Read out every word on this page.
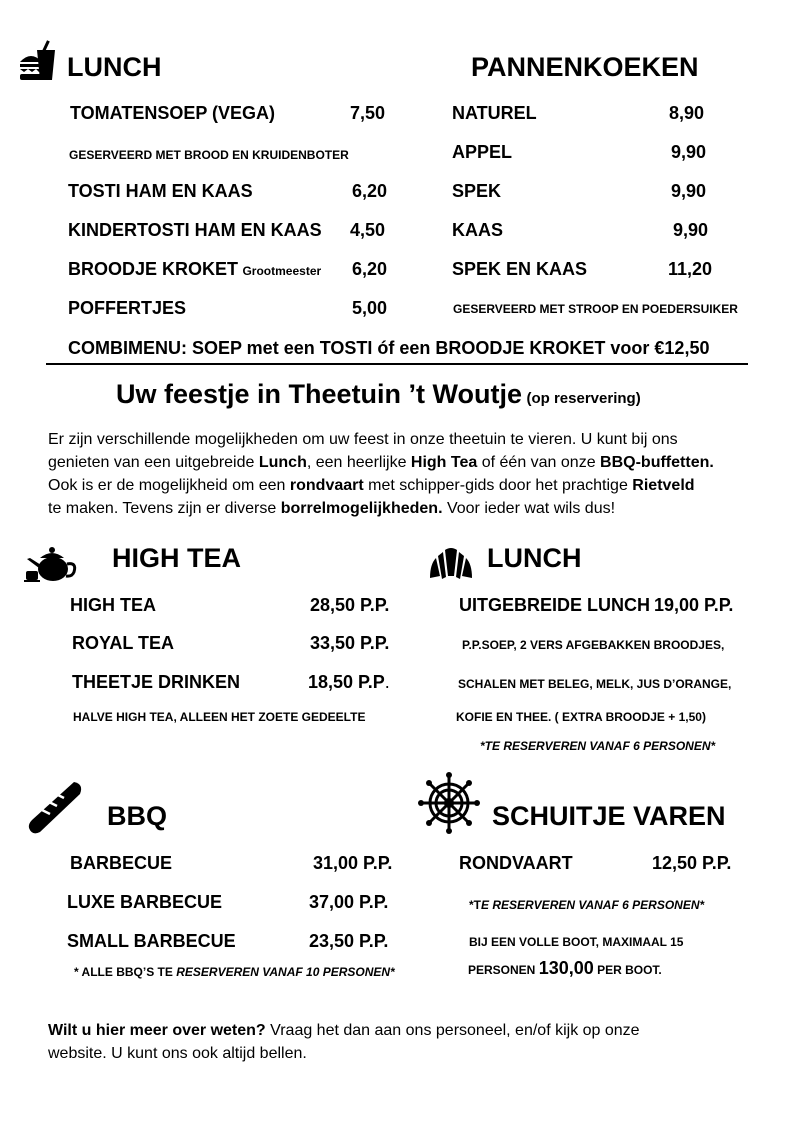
LUNCH
TOMATENSOEP (VEGA)	7,50
GESERVEERD MET BROOD EN KRUIDENBOTER
TOSTI HAM EN KAAS	6,20
KINDERTOSTI HAM EN KAAS 4,50
BROODJE KROKET Grootmeester 6,20
POFFERTJES	5,00
COMBIMENU: SOEP met een TOSTI óf een BROODJE KROKET voor €12,50
PANNENKOEKEN
NATUREL	8,90
APPEL	9,90
SPEK	9,90
KAAS	9,90
SPEK EN KAAS	11,20
GESERVEERD MET STROOP EN POEDERSUIKER
Uw feestje in Theetuin ’t Woutje (op reservering)
Er zijn verschillende mogelijkheden om uw feest in onze theetuin te vieren. U kunt bij ons
genieten van een uitgebreide Lunch, een heerlijke High Tea of één van onze BBQ-buffetten.
Ook is er de mogelijkheid om een rondvaart met schipper-gids door het prachtige Rietveld
te maken. Tevens zijn er diverse borrelmogelijkheden. Voor ieder wat wils dus!
HIGH TEA
HIGH TEA	28,50 P.P.
ROYAL TEA	33,50 P.P.
THEETJE DRINKEN	18,50 P.P.
HALVE HIGH TEA, ALLEEN HET ZOETE GEDEELTE
LUNCH
UITGEBREIDE LUNCH 19,00 P.P.
P.P.SOEP, 2 VERS AFGEBAKKEN BROODJES,
SCHALEN MET BELEG, MELK, JUS D’ORANGE,
KOFIE EN THEE. ( EXTRA BROODJE + 1,50)
*TE RESERVEREN VANAF 6 PERSONEN*
BBQ
BARBECUE	31,00 P.P.
LUXE BARBECUE	37,00 P.P.
SMALL BARBECUE	23,50 P.P.
* ALLE BBQ’S TE RESERVEREN VANAF 10 PERSONEN*
SCHUITJE VAREN
RONDVAART	12,50 P.P.
*TE RESERVEREN VANAF 6 PERSONEN*
BIJ EEN VOLLE BOOT, MAXIMAAL 15
PERSONEN 130,00 PER BOOT.
Wilt u hier meer over weten? Vraag het dan aan ons personeel, en/of kijk op onze
website. U kunt ons ook altijd bellen.
